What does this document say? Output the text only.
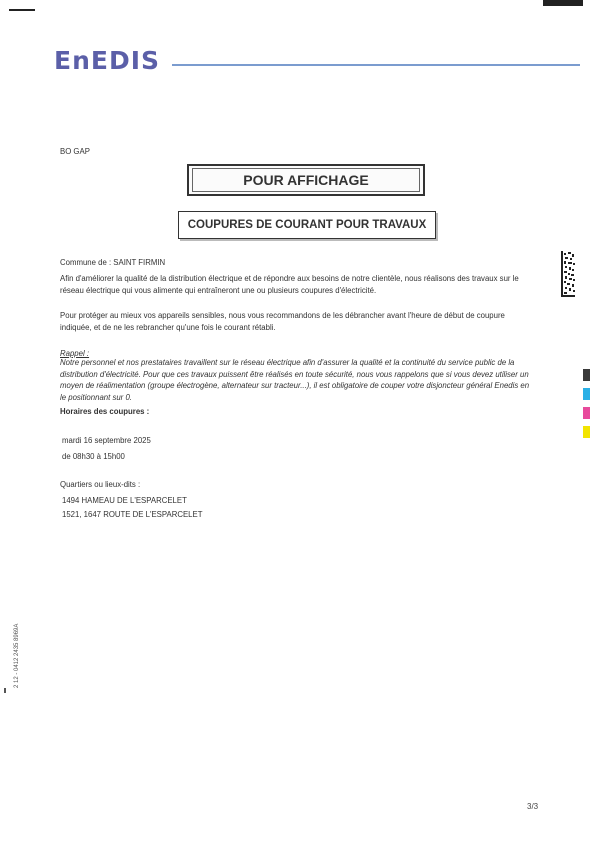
EnEDIS
BO GAP
POUR AFFICHAGE
COUPURES DE COURANT POUR TRAVAUX
Commune de : SAINT FIRMIN
Afin d'améliorer la qualité de la distribution électrique et de répondre aux besoins de notre clientèle, nous réalisons des travaux sur le réseau électrique qui vous alimente qui entraîneront une ou plusieurs coupures d'électricité.
Pour protéger au mieux vos appareils sensibles, nous vous recommandons de les débrancher avant l'heure de début de coupure indiquée, et de ne les rebrancher qu'une fois le courant rétabli.
Rappel :
Notre personnel et nos prestataires travaillent sur le réseau électrique afin d'assurer la qualité et la continuité du service public de la distribution d'électricité. Pour que ces travaux puissent être réalisés en toute sécurité, nous vous rappelons que si vous devez utiliser un moyen de réalimentation (groupe électrogène, alternateur sur tracteur...), il est obligatoire de couper votre disjoncteur général Enedis en le positionnant sur 0.
Horaires des coupures :
mardi 16 septembre 2025
de 08h30 à 15h00
Quartiers ou lieux-dits :
1494 HAMEAU DE L'ESPARCELET
1521, 1647 ROUTE DE L'ESPARCELET
3/3
2 12 - 0412 2435 8969A
